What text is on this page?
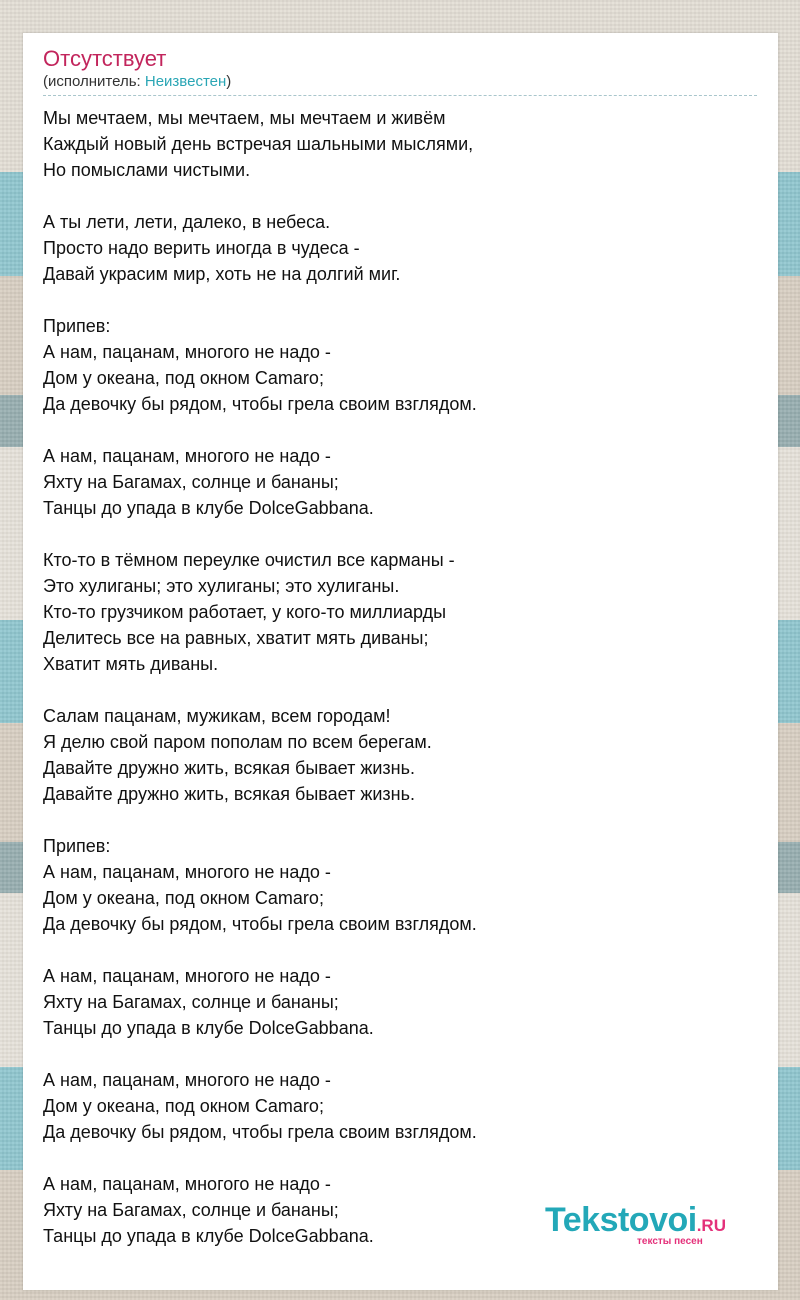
Отсутствует
(исполнитель: Неизвестен)
Мы мечтаем, мы мечтаем, мы мечтаем и живём
Каждый новый день встречая шальными мыслями,
Но помыслами чистыми.
А ты лети, лети, далеко, в небеса.
Просто надо верить иногда в чудеса -
Давай украсим мир, хоть не на долгий миг.
Припев:
А нам, пацанам, многого не надо -
Дом у океана, под окном Camaro;
Да девочку бы рядом, чтобы грела своим взглядом.
А нам, пацанам, многого не надо -
Яхту на Багамах, солнце и бананы;
Танцы до упада в клубе DolceGabbana.
Кто-то в тёмном переулке очистил все карманы -
Это хулиганы; это хулиганы; это хулиганы.
Кто-то грузчиком работает, у кого-то миллиарды
Делитесь все на равных, хватит мять диваны;
Хватит мять диваны.
Салам пацанам, мужикам, всем городам!
Я делю свой паром пополам по всем берегам.
Давайте дружно жить, всякая бывает жизнь.
Давайте дружно жить, всякая бывает жизнь.
Припев:
А нам, пацанам, многого не надо -
Дом у океана, под окном Camaro;
Да девочку бы рядом, чтобы грела своим взглядом.
А нам, пацанам, многого не надо -
Яхту на Багамах, солнце и бананы;
Танцы до упада в клубе DolceGabbana.
А нам, пацанам, многого не надо -
Дом у океана, под окном Camaro;
Да девочку бы рядом, чтобы грела своим взглядом.
А нам, пацанам, многого не надо -
Яхту на Багамах, солнце и бананы;
Танцы до упада в клубе DolceGabbana.	Tekstovoi.RU
тексты песен
